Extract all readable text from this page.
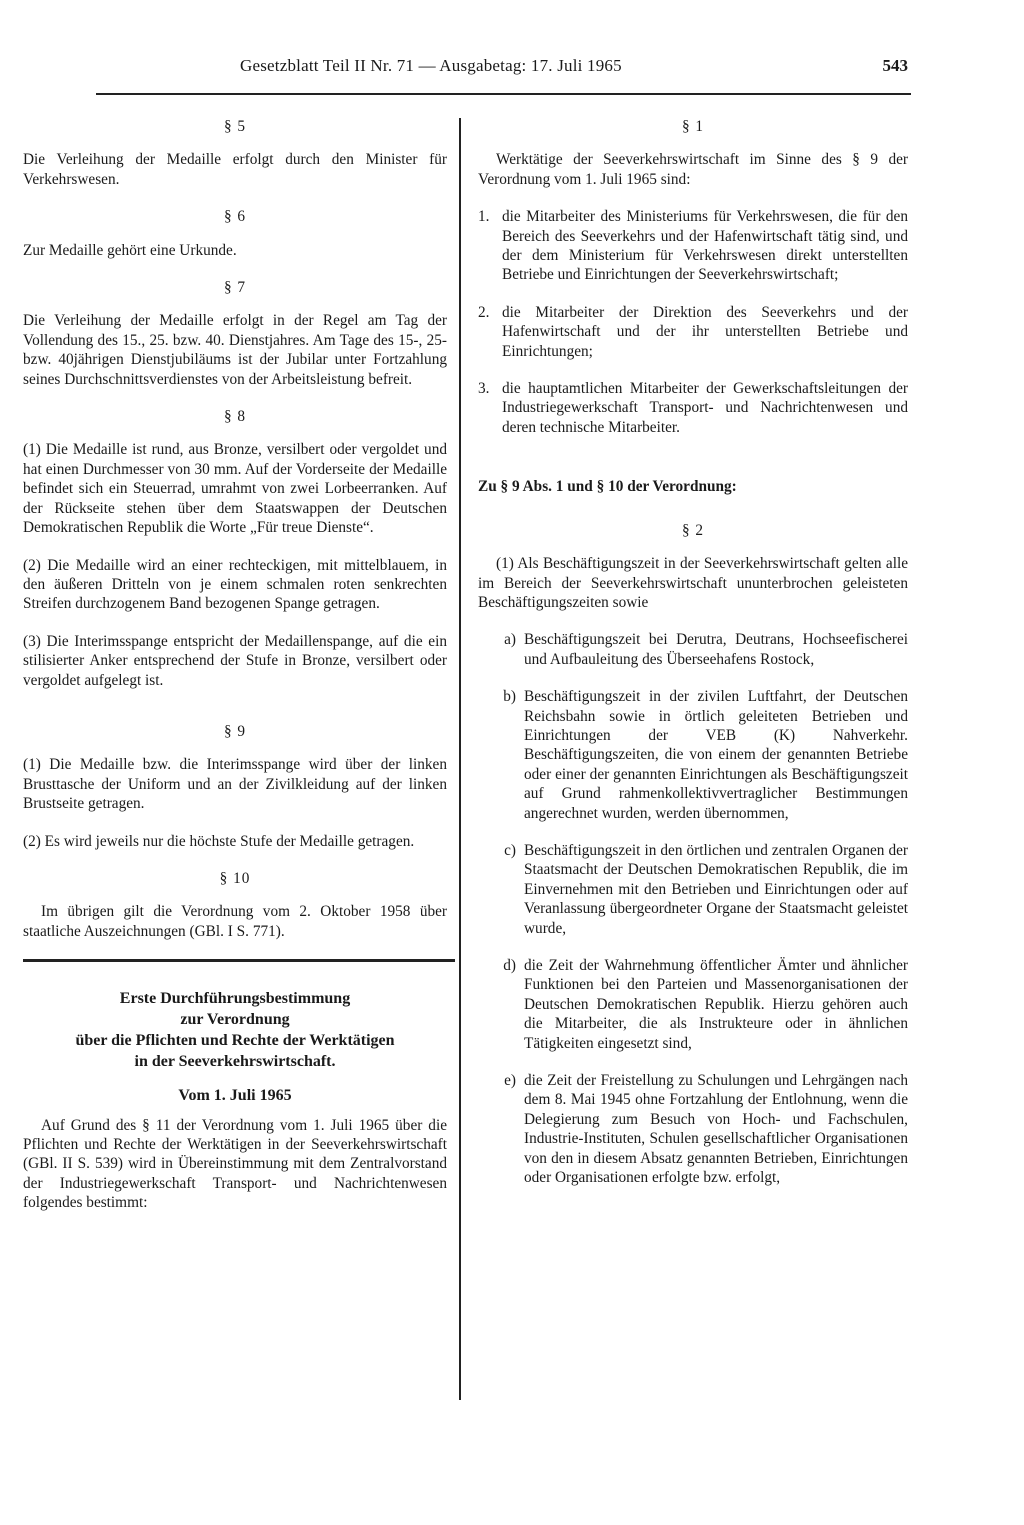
Gesetzblatt Teil II Nr. 71 — Ausgabetag: 17. Juli 1965	543
§ 5
Die Verleihung der Medaille erfolgt durch den Minister für Verkehrswesen.
§ 6
Zur Medaille gehört eine Urkunde.
§ 7
Die Verleihung der Medaille erfolgt in der Regel am Tag der Vollendung des 15., 25. bzw. 40. Dienstjahres. Am Tage des 15-, 25- bzw. 40jährigen Dienstjubiläums ist der Jubilar unter Fortzahlung seines Durchschnittsverdienstes von der Arbeitsleistung befreit.
§ 8
(1) Die Medaille ist rund, aus Bronze, versilbert oder vergoldet und hat einen Durchmesser von 30 mm. Auf der Vorderseite der Medaille befindet sich ein Steuerrad, umrahmt von zwei Lorbeerranken. Auf der Rückseite stehen über dem Staatswappen der Deutschen Demokratischen Republik die Worte „Für treue Dienste“.
(2) Die Medaille wird an einer rechteckigen, mit mittelblauem, in den äußeren Dritteln von je einem schmalen roten senkrechten Streifen durchzogenem Band bezogenen Spange getragen.
(3) Die Interimsspange entspricht der Medaillenspange, auf die ein stilisierter Anker entsprechend der Stufe in Bronze, versilbert oder vergoldet aufgelegt ist.
§ 9
(1) Die Medaille bzw. die Interimsspange wird über der linken Brusttasche der Uniform und an der Zivilkleidung auf der linken Brustseite getragen.
(2) Es wird jeweils nur die höchste Stufe der Medaille getragen.
§ 10
Im übrigen gilt die Verordnung vom 2. Oktober 1958 über staatliche Auszeichnungen (GBl. I S. 771).
Erste Durchführungsbestimmung
zur Verordnung
über die Pflichten und Rechte der Werktätigen
in der Seeverkehrswirtschaft.
Vom 1. Juli 1965
Auf Grund des § 11 der Verordnung vom 1. Juli 1965 über die Pflichten und Rechte der Werktätigen in der Seeverkehrswirtschaft (GBl. II S. 539) wird in Übereinstimmung mit dem Zentralvorstand der Industriegewerkschaft Transport- und Nachrichtenwesen folgendes bestimmt:
§ 1
Werktätige der Seeverkehrswirtschaft im Sinne des § 9 der Verordnung vom 1. Juli 1965 sind:
1. die Mitarbeiter des Ministeriums für Verkehrswesen, die für den Bereich des Seeverkehrs und der Hafenwirtschaft tätig sind, und der dem Ministerium für Verkehrswesen direkt unterstellten Betriebe und Einrichtungen der Seeverkehrswirtschaft;
2. die Mitarbeiter der Direktion des Seeverkehrs und der Hafenwirtschaft und der ihr unterstellten Betriebe und Einrichtungen;
3. die hauptamtlichen Mitarbeiter der Gewerkschaftsleitungen der Industriegewerkschaft Transport- und Nachrichtenwesen und deren technische Mitarbeiter.
Zu § 9 Abs. 1 und § 10 der Verordnung:
§ 2
(1) Als Beschäftigungszeit in der Seeverkehrswirtschaft gelten alle im Bereich der Seeverkehrswirtschaft ununterbrochen geleisteten Beschäftigungszeiten sowie
a) Beschäftigungszeit bei Derutra, Deutrans, Hochseefischerei und Aufbauleitung des Überseehafens Rostock,
b) Beschäftigungszeit in der zivilen Luftfahrt, der Deutschen Reichsbahn sowie in örtlich geleiteten Betrieben und Einrichtungen der VEB (K) Nahverkehr. Beschäftigungszeiten, die von einem der genannten Betriebe oder einer der genannten Einrichtungen als Beschäftigungszeit auf Grund rahmenkollektivvertraglicher Bestimmungen angerechnet wurden, werden übernommen,
c) Beschäftigungszeit in den örtlichen und zentralen Organen der Staatsmacht der Deutschen Demokratischen Republik, die im Einvernehmen mit den Betrieben und Einrichtungen oder auf Veranlassung übergeordneter Organe der Staatsmacht geleistet wurde,
d) die Zeit der Wahrnehmung öffentlicher Ämter und ähnlicher Funktionen bei den Parteien und Massenorganisationen der Deutschen Demokratischen Republik. Hierzu gehören auch die Mitarbeiter, die als Instrukteure oder in ähnlichen Tätigkeiten eingesetzt sind,
e) die Zeit der Freistellung zu Schulungen und Lehrgängen nach dem 8. Mai 1945 ohne Fortzahlung der Entlohnung, wenn die Delegierung zum Besuch von Hoch- und Fachschulen, Industrie-Instituten, Schulen gesellschaftlicher Organisationen von den in diesem Absatz genannten Betrieben, Einrichtungen oder Organisationen erfolgte bzw. erfolgt,
